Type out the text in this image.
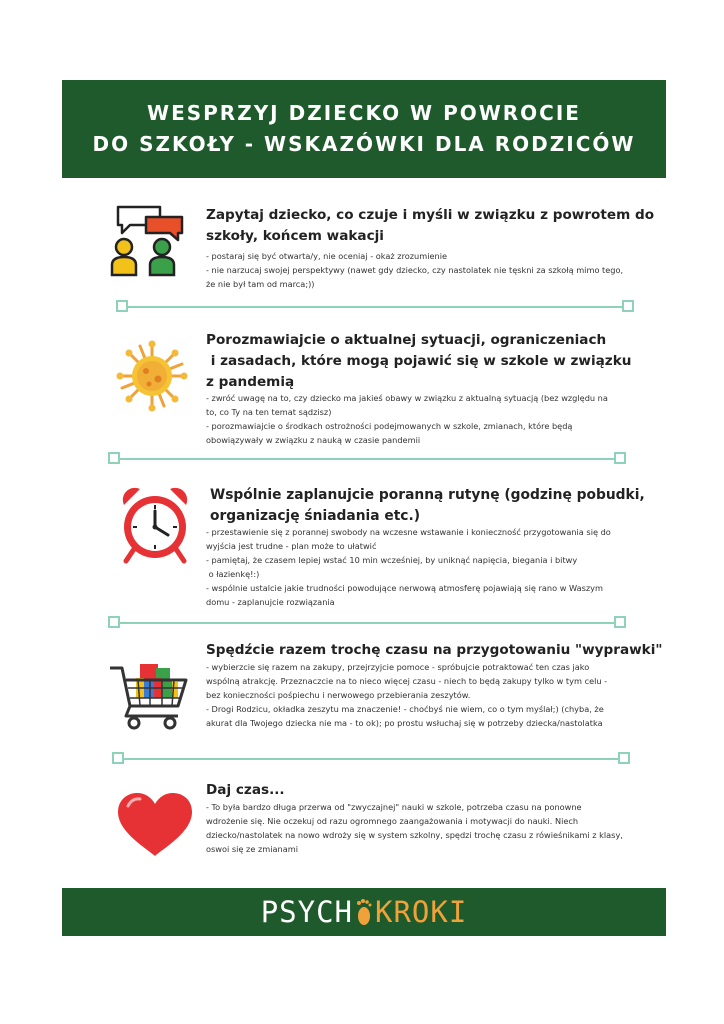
WESPRZYJ DZIECKO W POWROCIE
DO SZKOŁY - WSKAZÓWKI DLA RODZICÓW
Zapytaj dziecko, co czuje i myśli w związku z powrotem do
szkoły, końcem wakacji
- postaraj się być otwarta/y, nie oceniaj - okaż zrozumienie
- nie narzucaj swojej perspektywy (nawet gdy dziecko, czy nastolatek nie tęskni za szkołą mimo tego,
że nie był tam od marca;))
Porozmawiajcie o aktualnej sytuacji, ograniczeniach
i zasadach, które mogą pojawić się w szkole w związku
z pandemią
- zwróć uwagę na to, czy dziecko ma jakieś obawy w związku z aktualną sytuacją (bez względu na
to, co Ty na ten temat sądzisz)
- porozmawiajcie o środkach ostrożności podejmowanych w szkole, zmianach, które będą
obowiązywały w związku z nauką w czasie pandemii
Wspólnie zaplanujcie poranną rutynę (godzinę pobudki,
organizację śniadania etc.)
- przestawienie się z porannej swobody na wczesne wstawanie i konieczność przygotowania się do
wyjścia jest trudne - plan może to ułatwić
- pamiętaj, że czasem lepiej wstać 10 min wcześniej, by uniknąć napięcia, biegania i bitwy
o łazienkę!:)
- wspólnie ustalcie jakie trudności powodujące nerwową atmosferę pojawiają się rano w Waszym
domu - zaplanujcie rozwiązania
Spędźcie razem trochę czasu na przygotowaniu "wyprawki"
- wybierzcie się razem na zakupy, przejrzyjcie pomoce - spróbujcie potraktować ten czas jako
wspólną atrakcję. Przeznaczcie na to nieco więcej czasu - niech to będą zakupy tylko w tym celu -
bez konieczności pośpiechu i nerwowego przebierania zeszytów.
- Drogi Rodzicu, okładka zeszytu ma znaczenie! - choćbyś nie wiem, co o tym myślał;) (chyba, że
akurat dla Twojego dziecka nie ma - to ok); po prostu wsłuchaj się w potrzeby dziecka/nastolatka
Daj czas...
- To była bardzo długa przerwa od "zwyczajnej" nauki w szkole, potrzeba czasu na ponowne
wdrożenie się. Nie oczekuj od razu ogromnego zaangażowania i motywacji do nauki. Niech
dziecko/nastolatek na nowo wdroży się w system szkolny, spędzi trochę czasu z rówieśnikami z klasy,
oswoi się ze zmianami
PSYCH KROKI
